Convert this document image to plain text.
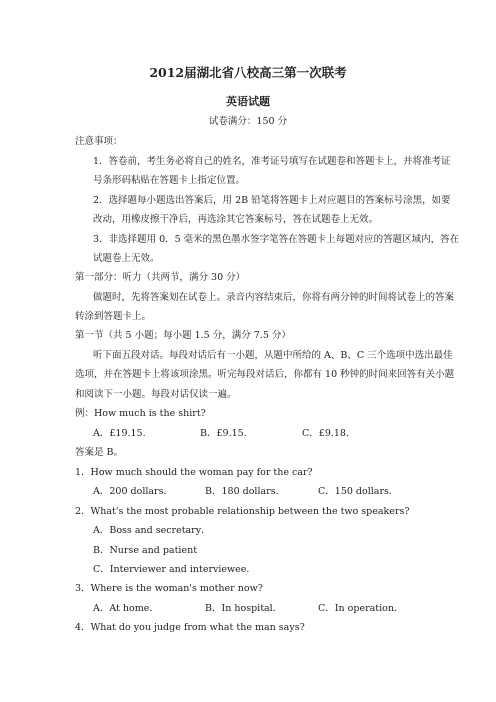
2012届湖北省八校高三第一次联考
英语试题
试卷满分：150 分
注意事项：
1．答卷前，考生务必将自己的姓名，准考证号填写在试题卷和答题卡上，并将准考证
号条形码粘贴在答题卡上指定位置。
2．选择题每小题选出答案后，用 2B 铅笔将答题卡上对应题目的答案标号涂黑，如要
改动，用橡皮擦干净后，再选涂其它答案标号，答在试题卷上无效。
3．非选择题用 0．5 毫米的黑色墨水签字笔答在答题卡上每题对应的答题区域内，答在
试题卷上无效。
第一部分：听力（共两节，满分 30 分）
做题时，先将答案划在试卷上。录音内容结束后，你将有两分钟的时间将试卷上的答案
转涂到答题卡上。
第一节（共 5 小题；每小题 1.5 分，满分 7.5 分）
听下面五段对话。每段对话后有一小题，从题中所给的 A、B、C 三个选项中选出最佳
选项，并在答题卡上将该项涂黑。听完每段对话后，你都有 10 秒钟的时间来回答有关小题
和阅读下一小题。每段对话仅读一遍。
例：How much is the shirt?
A．£19.15.	B．£9.15.	C．£9.18.
答案是 B。
1．How much should the woman pay for the car?
A．200 dollars．	B．180 dollars．	C．150 dollars．
2．What's the most probable relationship between the two speakers?
A．Boss and secretary．
B．Nurse and patient
C．Interviewer and interviewee．
3．Where is the woman's mother now?
A．At home．	B．In hospital．	C．In operation．
4．What do you judge from what the man says?
